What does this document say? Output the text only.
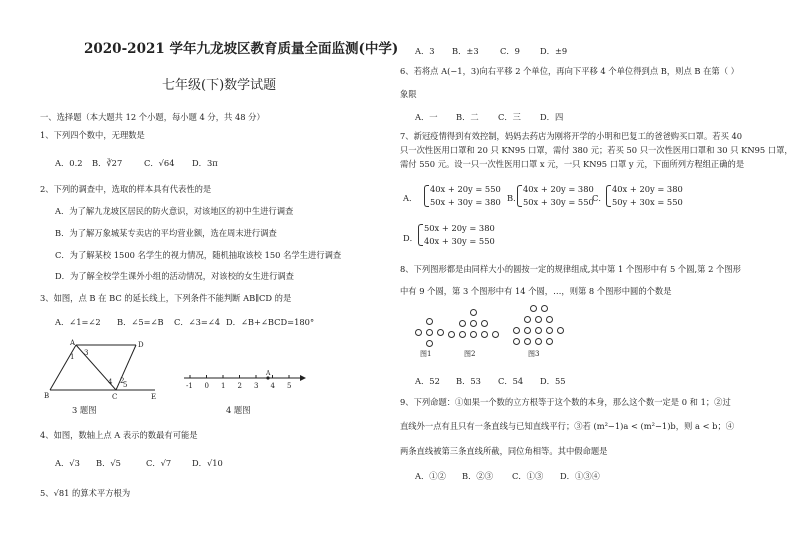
2020-2021 学年九龙坡区教育质量全面监测(中学)
七年级(下)数学试题
一、选择题（本大题共 12 个小题，每小题 4 分，共 48 分）
1、下列四个数中，无理数是
A．0.2 B．∛27	C．√64 D．3π
2、下列的调查中，选取的样本具有代表性的是
A．为了解九龙坡区居民的防火意识，对该地区的初中生进行调查
B．为了解万象城某专卖店的平均营业额，选在周末进行调查
C．为了解某校 1500 名学生的视力情况，随机抽取该校 150 名学生进行调查
D．为了解全校学生课外小组的活动情况，对该校的女生进行调查
3、如图，点 B 在 BC 的延长线上，下列条件不能判断 AB∥CD 的是
A．∠1=∠2 B．∠5=∠B C．∠3=∠4 D．∠B+∠BCD=180°
A	D
B	C	E
1
2
3
4 5
3 题图
-1 0 1 2 3 4 5
A
4 题图
4、如图，数轴上点 A 表示的数最有可能是
A．√3 B．√5	C．√7	D．√10
5、√81 的算术平方根为
A．3 B．±3	C．9 D．±9
6、若将点 A(−1，3)向右平移 2 个单位，再向下平移 4 个单位得到点 B，则点 B 在第（ ）
象限
A．一 B．二 C．三 D．四
7、新冠疫情得到有效控制，妈妈去药店为刚将开学的小明和巴复工的爸爸购买口罩。若买 40
只一次性医用口罩和 20 只 KN95 口罩，需付 380 元；若买 50 只一次性医用口罩和 30 只 KN95 口罩，
需付 550 元。设一只一次性医用口罩 x 元，一只 KN95 口罩 y 元，下面所列方程组正确的是
A．
40x + 20y = 550
50x + 30y = 380 B．
40x + 20y = 380
50x + 30y = 550
C．
40x + 20y = 380
50y + 30x = 550
D．
50x + 20y = 380
40x + 30y = 550
8、下列图形都是由同样大小的圆按一定的规律组成,其中第 1 个图形中有 5 个圆,第 2 个图形
中有 9 个圆，第 3 个图形中有 14 个圆，…，则第 8 个图形中圆的个数是
图1	图2	图3
A．52 B．53 C．54 D．55
9、下列命题：①如果一个数的立方根等于这个数的本身，那么这个数一定是 0 和 1；②过
直线外一点有且只有一条直线与已知直线平行；③若 (m²−1)a < (m²−1)b，则 a < b；④
两条直线被第三条直线所截，同位角相等。其中假命题是
A．①② B．②③ C．①③ D．①③④
